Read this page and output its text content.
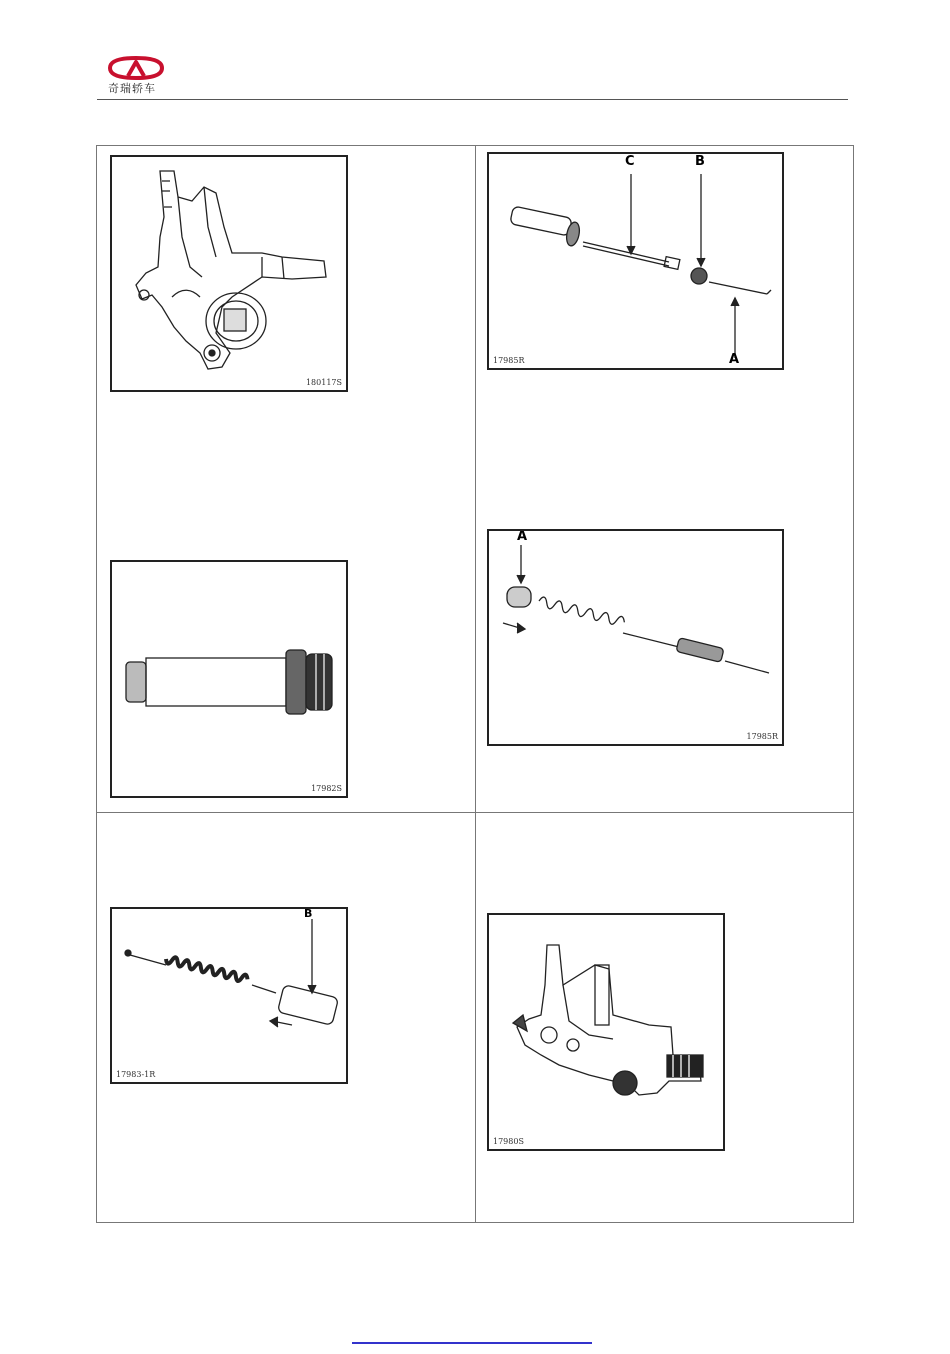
奇瑞轿车
180117S
C	B
A
17985R
17982S
A
17985R
B
17983-1R
17980S
